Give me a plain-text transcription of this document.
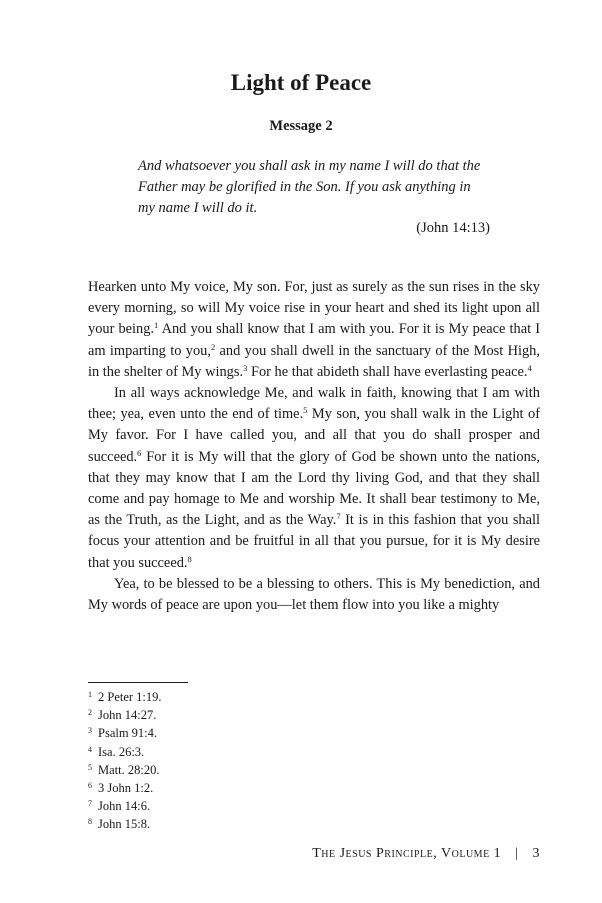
Light of Peace
Message 2
And whatsoever you shall ask in my name I will do that the Father may be glorified in the Son. If you ask anything in my name I will do it.
(John 14:13)

Hearken unto My voice, My son. For, just as surely as the sun rises in the sky every morning, so will My voice rise in your heart and shed its light upon all your being.$^1$ And you shall know that I am with you. For it is My peace that I am imparting to you,$^2$ and you shall dwell in the sanctuary of the Most High, in the shelter of My wings.$^3$ For he that abideth shall have everlasting peace.$^4$

In all ways acknowledge Me, and walk in faith, knowing that I am with thee; yea, even unto the end of time.$^5$ My son, you shall walk in the Light of My favor. For I have called you, and all that you do shall prosper and succeed.$^6$ For it is My will that the glory of God be shown unto the nations, that they may know that I am the Lord thy living God, and that they shall come and pay homage to Me and worship Me. It shall bear testimony to Me, as the Truth, as the Light, and as the Way.$^7$ It is in this fashion that you shall focus your attention and be fruitful in all that you pursue, for it is My desire that you succeed.$^8$

Yea, to be blessed to be a blessing to others. This is My benediction, and My words of peace are upon you—let them flow into you like a mighty

1 2 Peter 1:19.
2 John 14:27.
3 Psalm 91:4.
4 Isa. 26:3.
5 Matt. 28:20.
6 3 John 1:2.
7 John 14:6.
8 John 15:8.
The Jesus Principle, Volume 1 | 3
